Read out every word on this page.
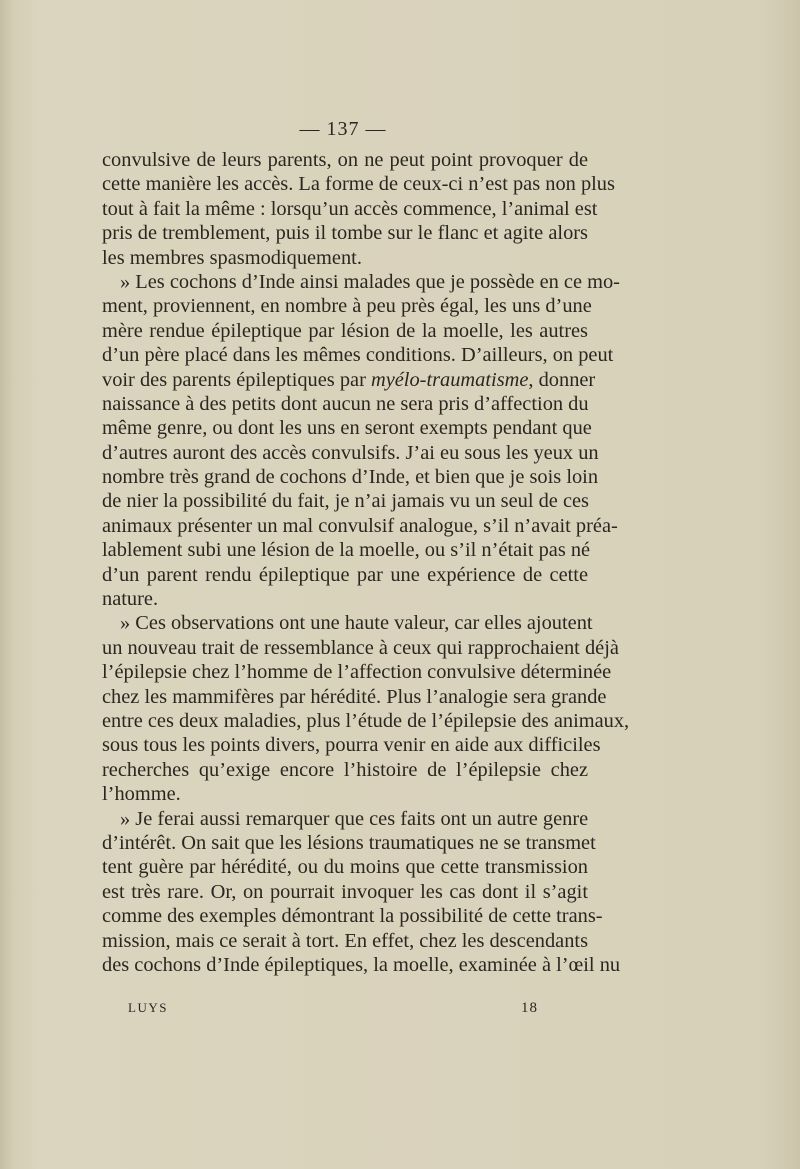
— 137 —
convulsive de leurs parents, on ne peut point provoquer de
cette manière les accès. La forme de ceux-ci n’est pas non plus
tout à fait la même : lorsqu’un accès commence, l’animal est
pris de tremblement, puis il tombe sur le flanc et agite alors
les membres spasmodiquement.
» Les cochons d’Inde ainsi malades que je possède en ce mo-
ment, proviennent, en nombre à peu près égal, les uns d’une
mère rendue épileptique par lésion de la moelle, les autres
d’un père placé dans les mêmes conditions. D’ailleurs, on peut
voir des parents épileptiques par myélo-traumatisme, donner
naissance à des petits dont aucun ne sera pris d’affection du
même genre, ou dont les uns en seront exempts pendant que
d’autres auront des accès convulsifs. J’ai eu sous les yeux un
nombre très grand de cochons d’Inde, et bien que je sois loin
de nier la possibilité du fait, je n’ai jamais vu un seul de ces
animaux présenter un mal convulsif analogue, s’il n’avait préa-
lablement subi une lésion de la moelle, ou s’il n’était pas né
d’un parent rendu épileptique par une expérience de cette
nature.
» Ces observations ont une haute valeur, car elles ajoutent
un nouveau trait de ressemblance à ceux qui rapprochaient déjà
l’épilepsie chez l’homme de l’affection convulsive déterminée
chez les mammifères par hérédité. Plus l’analogie sera grande
entre ces deux maladies, plus l’étude de l’épilepsie des animaux,
sous tous les points divers, pourra venir en aide aux difficiles
recherches qu’exige encore l’histoire de l’épilepsie chez
l’homme.
» Je ferai aussi remarquer que ces faits ont un autre genre
d’intérêt. On sait que les lésions traumatiques ne se transmet
tent guère par hérédité, ou du moins que cette transmission
est très rare. Or, on pourrait invoquer les cas dont il s’agit
comme des exemples démontrant la possibilité de cette trans-
mission, mais ce serait à tort. En effet, chez les descendants
des cochons d’Inde épileptiques, la moelle, examinée à l’œil nu
LUYS	18
